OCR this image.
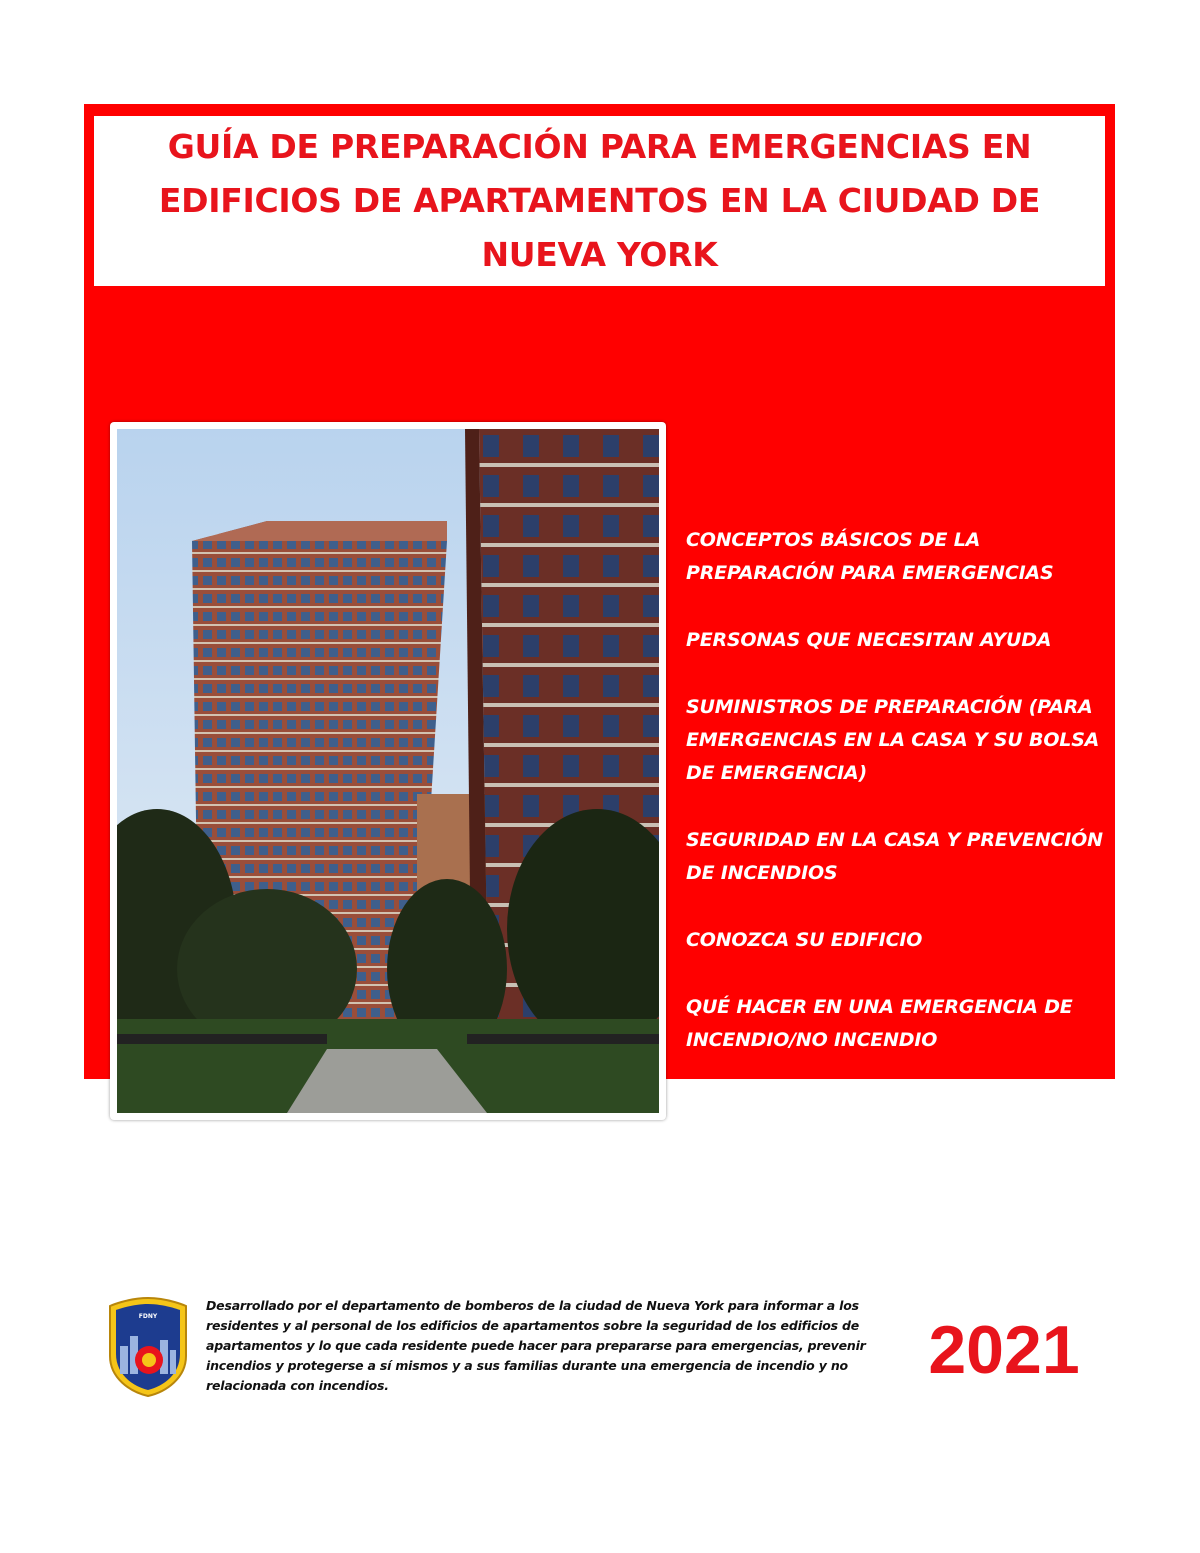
GUÍA DE PREPARACIÓN PARA EMERGENCIAS EN EDIFICIOS DE APARTAMENTOS EN LA CIUDAD DE NUEVA YORK
CONCEPTOS BÁSICOS DE LA PREPARACIÓN PARA EMERGENCIAS
PERSONAS QUE NECESITAN AYUDA
SUMINISTROS DE PREPARACIÓN (PARA EMERGENCIAS EN LA CASA Y SU BOLSA DE EMERGENCIA)
SEGURIDAD EN LA CASA Y PREVENCIÓN DE INCENDIOS
CONOZCA SU EDIFICIO
QUÉ HACER EN UNA EMERGENCIA DE INCENDIO/NO INCENDIO
CONCEPTOS BÁSICOS DE LA PREPARACIÓN PARA EMERGENCIAS
FDNY

Desarrollado por el departamento de bomberos de la ciudad de Nueva York para informar a los residentes y al personal de los edificios de apartamentos sobre la seguridad de los edificios de apartamentos y lo que cada residente puede hacer para prepararse para emergencias, prevenir incendios y protegerse a sí mismos y a sus familias durante una emergencia de incendio y no relacionada con incendios.	2021
